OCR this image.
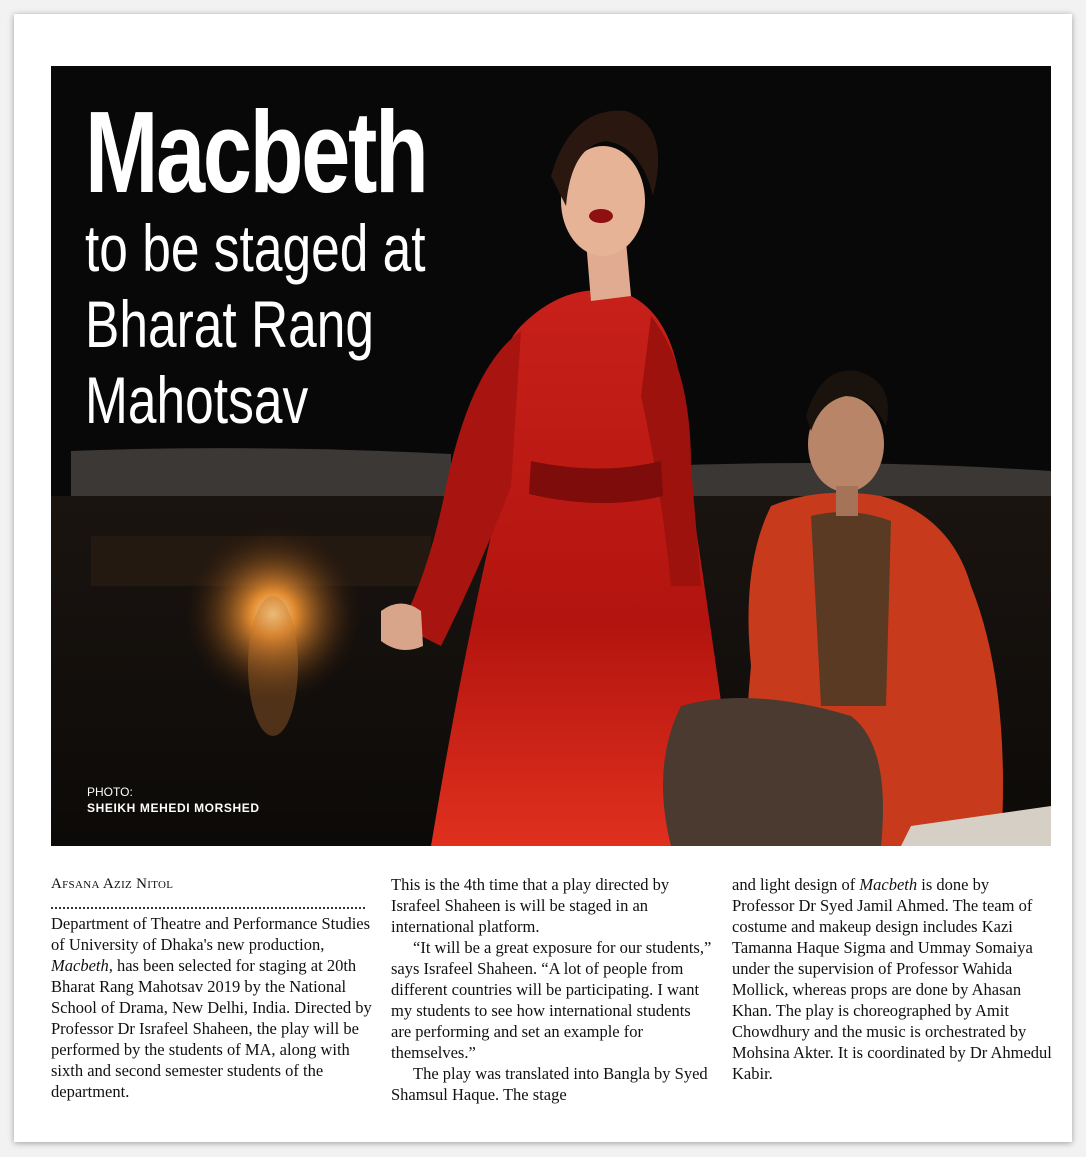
Macbeth
to be staged at
Bharat Rang
Mahotsav
PHOTO:
SHEIKH MEHEDI MORSHED
Afsana Aziz Nitol

Department of Theatre and Performance Studies of University of Dhaka's new production, Macbeth, has been selected for staging at 20th Bharat Rang Mahotsav 2019 by the National School of Drama, New Delhi, India. Directed by Professor Dr Israfeel Shaheen, the play will be performed by the students of MA, along with sixth and second semester students of the department.

This is the 4th time that a play directed by Israfeel Shaheen is will be staged in an international platform.

“It will be a great exposure for our students,” says Israfeel Shaheen. “A lot of people from different countries will be participating. I want my students to see how international students are performing and set an example for themselves.”

The play was translated into Bangla by Syed Shamsul Haque. The stage

and light design of Macbeth is done by Professor Dr Syed Jamil Ahmed. The team of costume and makeup design includes Kazi Tamanna Haque Sigma and Ummay Somaiya under the supervision of Professor Wahida Mollick, whereas props are done by Ahasan Khan. The play is choreographed by Amit Chowdhury and the music is orchestrated by Mohsina Akter. It is coordinated by Dr Ahmedul Kabir.
